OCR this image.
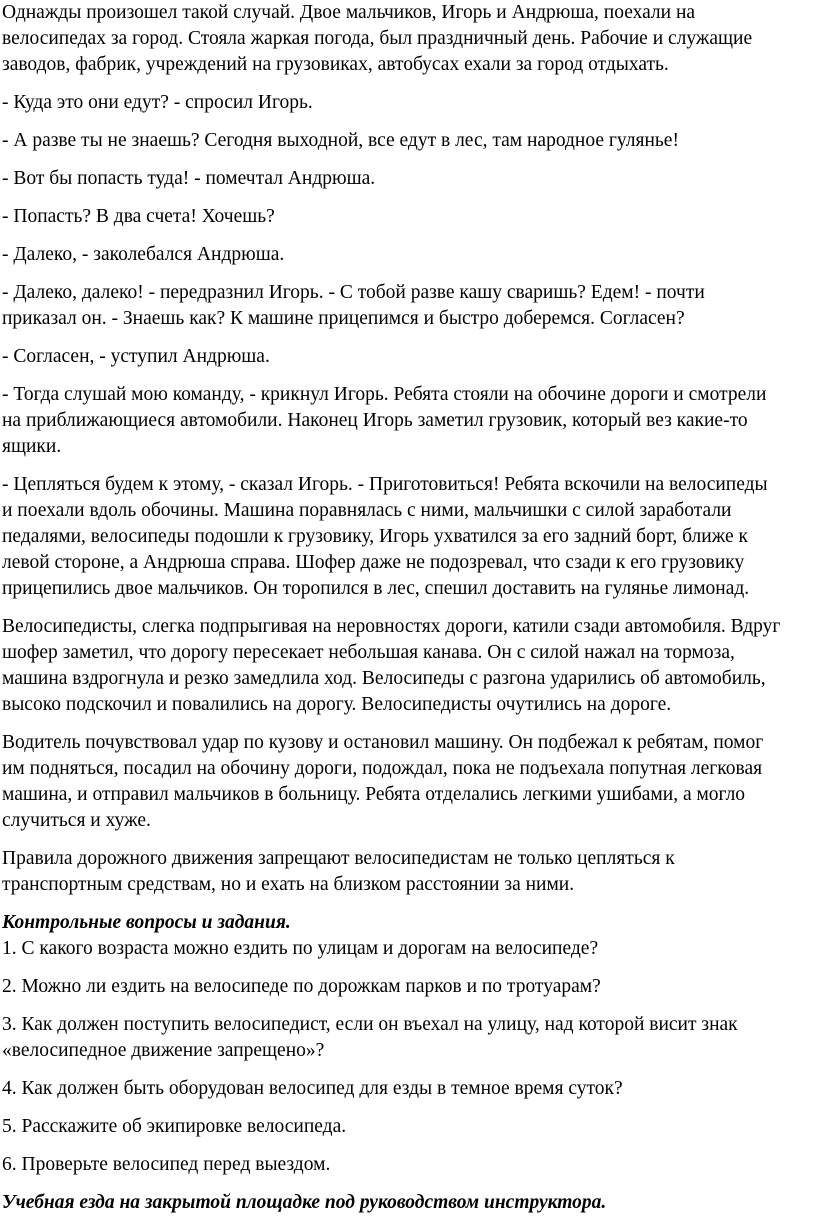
Однажды произошел такой случай. Двое мальчиков, Игорь и Андрюша, поехали на
велосипедах за город. Стояла жаркая погода, был праздничный день. Рабочие и служащие
заводов, фабрик, учреждений на грузовиках, автобусах ехали за город отдыхать.

- Куда это они едут? - спросил Игорь.

- А разве ты не знаешь? Сегодня выходной, все едут в лес, там народное гулянье!

- Вот бы попасть туда! - помечтал Андрюша.

- Попасть? В два счета! Хочешь?

- Далеко, - заколебался Андрюша.

- Далеко, далеко! - передразнил Игорь. - С тобой разве кашу сваришь? Едем! - почти
приказал он. - Знаешь как? К машине прицепимся и быстро доберемся. Согласен?

- Согласен, - уступил Андрюша.

- Тогда слушай мою команду, - крикнул Игорь. Ребята стояли на обочине дороги и смотрели
на приближающиеся автомобили. Наконец Игорь заметил грузовик, который вез какие-то
ящики.

- Цепляться будем к этому, - сказал Игорь. - Приготовиться! Ребята вскочили на велосипеды
и поехали вдоль обочины. Машина поравнялась с ними, мальчишки с силой заработали
педалями, велосипеды подошли к грузовику, Игорь ухватился за его задний борт, ближе к
левой стороне, а Андрюша справа. Шофер даже не подозревал, что сзади к его грузовику
прицепились двое мальчиков. Он торопился в лес, спешил доставить на гулянье лимонад.

Велосипедисты, слегка подпрыгивая на неровностях дороги, катили сзади автомобиля. Вдруг
шофер заметил, что дорогу пересекает небольшая канава. Он с силой нажал на тормоза,
машина вздрогнула и резко замедлила ход. Велосипеды с разгона ударились об автомобиль,
высоко подскочил и повалились на дорогу. Велосипедисты очутились на дороге.

Водитель почувствовал удар по кузову и остановил машину. Он подбежал к ребятам, помог
им подняться, посадил на обочину дороги, подождал, пока не подъехала попутная легковая
машина, и отправил мальчиков в больницу. Ребята отделались легкими ушибами, а могло
случиться и хуже.

Правила дорожного движения запрещают велосипедистам не только цепляться к
транспортным средствам, но и ехать на близком расстоянии за ними.

Контрольные вопросы и задания.

1. С какого возраста можно ездить по улицам и дорогам на велосипеде?

2. Можно ли ездить на велосипеде по дорожкам парков и по тротуарам?

3. Как должен поступить велосипедист, если он въехал на улицу, над которой висит знак
«велосипедное движение запрещено»?

4. Как должен быть оборудован велосипед для езды в темное время суток?

5. Расскажите об экипировке велосипеда.

6. Проверьте велосипед перед выездом.

Учебная езда на закрытой площадке под руководством инструктора.
